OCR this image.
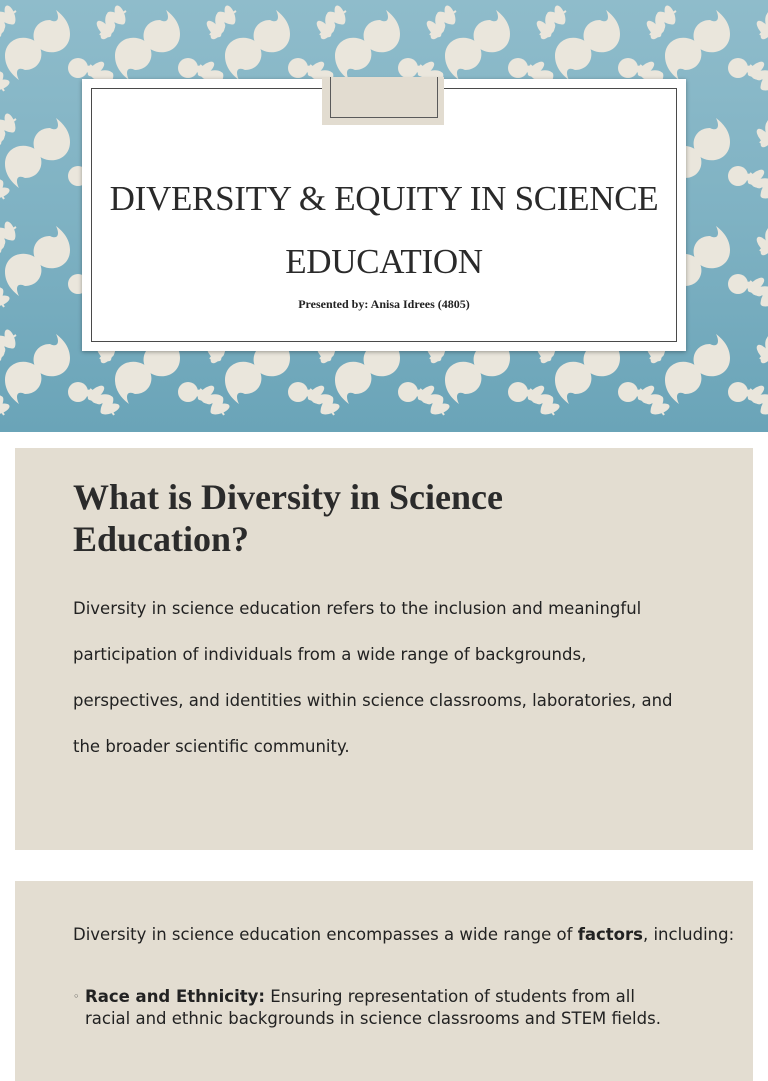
DIVERSITY & EQUITY IN SCIENCE EDUCATION
Presented by: Anisa Idrees (4805)
What is Diversity in Science Education?

Diversity in science education refers to the inclusion and meaningful participation of individuals from a wide range of backgrounds, perspectives, and identities within science classrooms, laboratories, and the broader scientific community.

Diversity in science education encompasses a wide range of factors, including:

◦ Race and Ethnicity: Ensuring representation of students from all racial and ethnic backgrounds in science classrooms and STEM fields.
